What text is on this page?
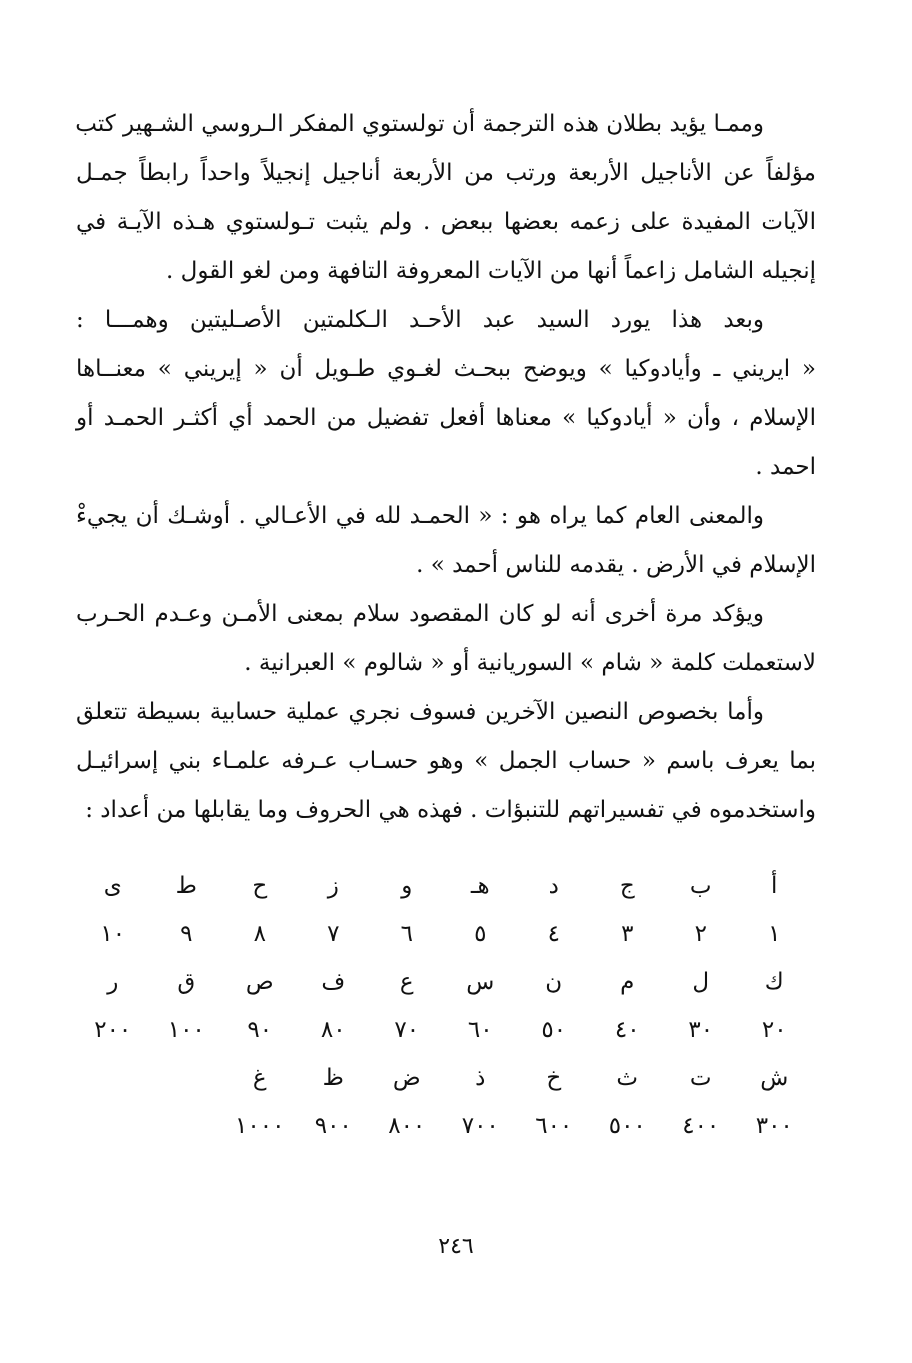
وممـا يؤيد بطلان هذه الترجمة أن تولستوي المفكر الـروسي الشـهير كتب
مؤلفاً عن الأناجيل الأربعة ورتب من الأربعة أناجيل إنجيلاً واحداً رابطاً جمـل
الآيات المفيدة على زعمه بعضها ببعض . ولم يثبت تـولستوي هـذه الآيـة في
إنجيله الشامل زاعماً أنها من الآيات المعروفة التافهة ومن لغو القول .
وبعد هذا يورد السيد عبد الأحـد الـكلمتين الأصـليتين وهمـــا :
« ايريني ـ وأيادوكيا » ويوضح ببحـث لغـوي طـويل أن « إيريني » معنــاها
الإسلام ، وأن « أيادوكيا » معناها أفعل تفضيل من الحمد أي أكثـر الحمـد أو
احمد .
والمعنى العام كما يراه هو : « الحمـد لله في الأعـالي . أوشـك أن يجيءْ
الإسلام في الأرض . يقدمه للناس أحمد » .
ويؤكد مرة أخرى أنه لو كان المقصود سلام بمعنى الأمـن وعـدم الحـرب
لاستعملت كلمة « شام » السوريانية أو « شالوم » العبرانية .
وأما بخصوص النصين الآخرين فسوف نجري عملية حسابية بسيطة تتعلق
بما يعرف باسم « حساب الجمل » وهو حسـاب عـرفه علمـاء بني إسرائيـل
واستخدموه في تفسيراتهم للتنبؤات . فهذه هي الحروف وما يقابلها من أعداد :
أ
ب
ج
د
هـ
و
ز
ح
ط
ى
١
٢
٣
٤
٥
٦
٧
٨
٩
١٠
ك
ل
م
ن
س
ع
ف
ص
ق
ر
٢٠
٣٠
٤٠
٥٠
٦٠
٧٠
٨٠
٩٠
١٠٠
٢٠٠
ش
ت
ث
خ
ذ
ض
ظ
غ
٣٠٠
٤٠٠
٥٠٠
٦٠٠
٧٠٠
٨٠٠
٩٠٠
١٠٠٠
٢٤٦
